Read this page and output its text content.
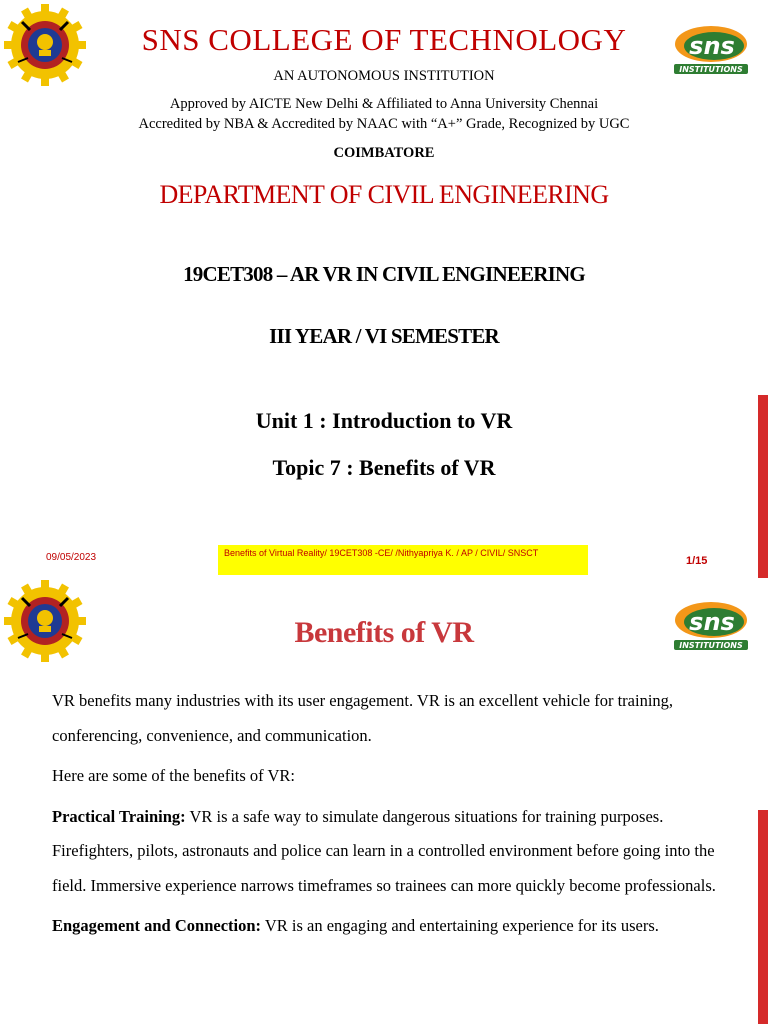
SNS COLLEGE OF TECHNOLOGY	sns
INSTITUTIONS
AN AUTONOMOUS INSTITUTION
Approved by AICTE New Delhi & Affiliated to Anna University Chennai
Accredited by NBA & Accredited by NAAC with “A+” Grade, Recognized by UGC
COIMBATORE
DEPARTMENT OF CIVIL ENGINEERING
19CET308 – AR VR IN CIVIL ENGINEERING
III YEAR / VI SEMESTER
Unit 1 : Introduction to VR
Topic 7 : Benefits of VR
09/05/2023	Benefits of Virtual Reality/ 19CET308 -CE/ /Nithyapriya K. / AP / CIVIL/ SNSCT
1/15
sns
INSTITUTIONS
Benefits of VR

VR benefits many industries with its user engagement. VR is an excellent vehicle for training, conferencing, convenience, and communication.

Here are some of the benefits of VR:

Practical Training: VR is a safe way to simulate dangerous situations for training purposes. Firefighters, pilots, astronauts and police can learn in a controlled environment before going into the field. Immersive experience narrows timeframes so trainees can more quickly become professionals.

Engagement and Connection: VR is an engaging and entertaining experience for its users.
